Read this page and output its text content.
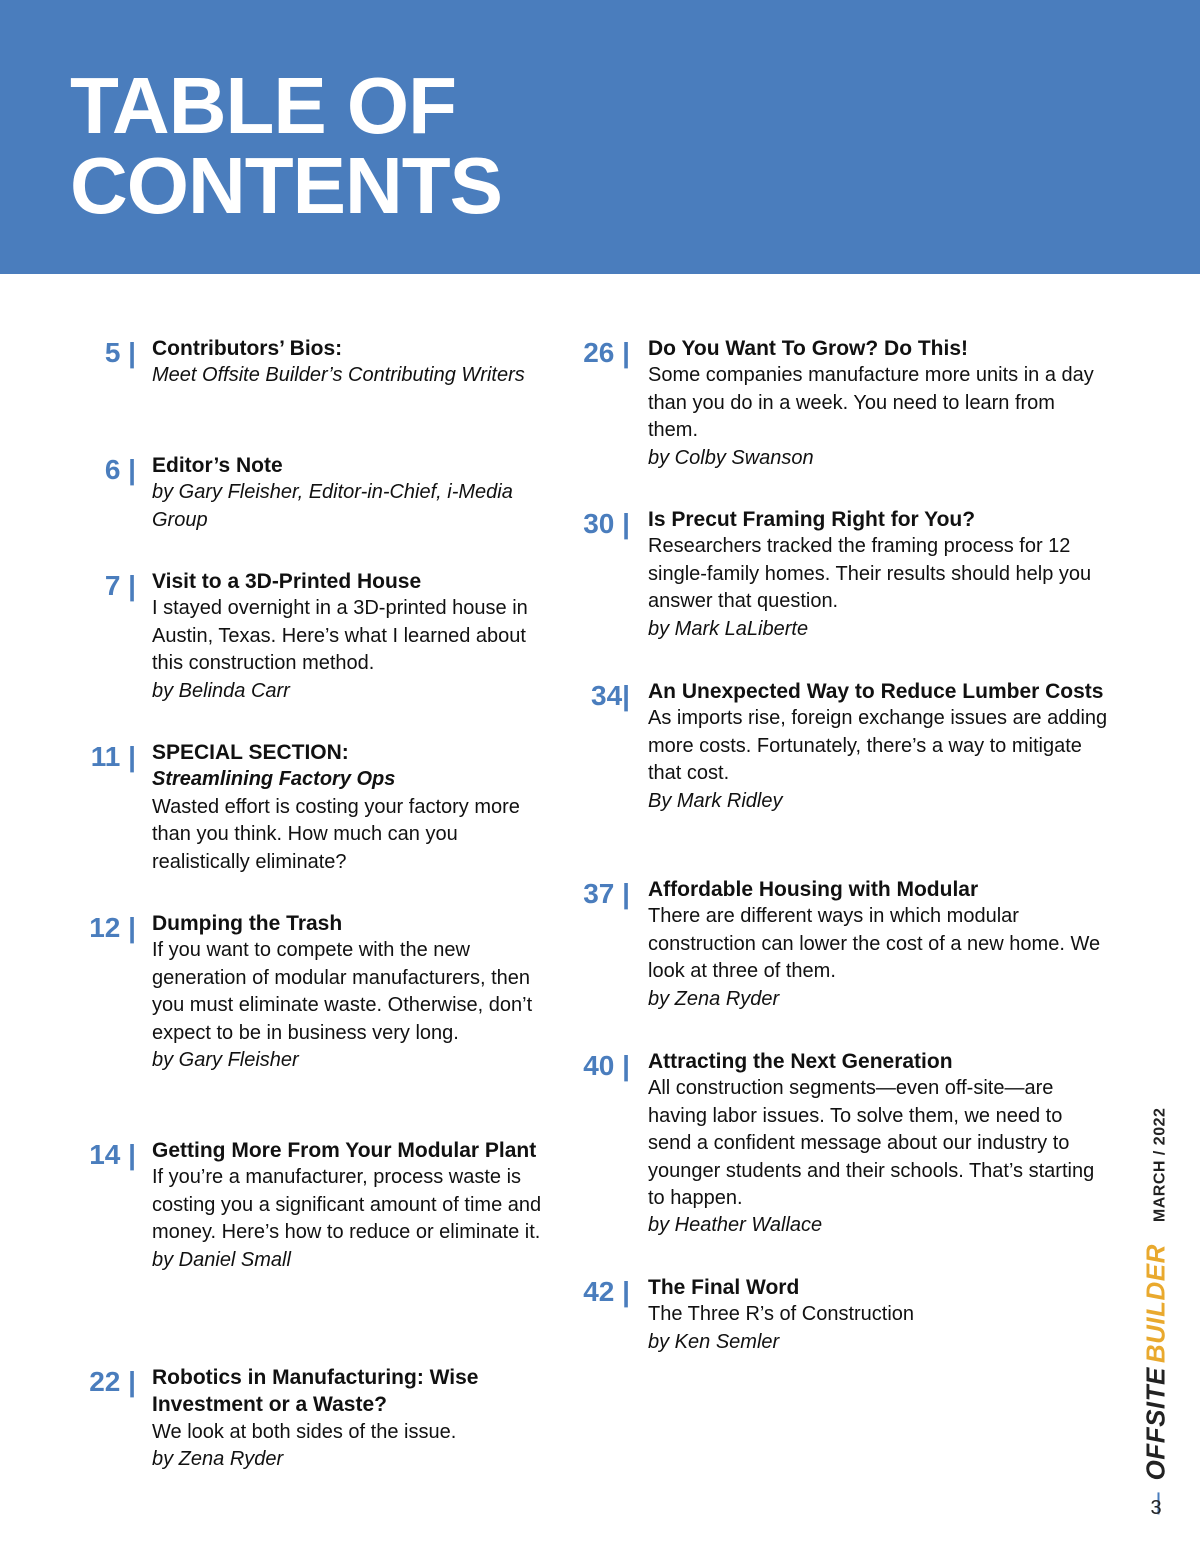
TABLE OF
CONTENTS
5 | Contributors’ Bios:
Meet Offsite Builder’s Contributing Writers
6 | Editor’s Note
by Gary Fleisher, Editor-in-Chief, i-Media Group
7 | Visit to a 3D-Printed House
I stayed overnight in a 3D-printed house in Austin, Texas. Here’s what I learned about this construction method.
by Belinda Carr
11 | SPECIAL SECTION:
Streamlining Factory Ops
Wasted effort is costing your factory more than you think. How much can you realistically eliminate?
12 | Dumping the Trash
If you want to compete with the new generation of modular manufacturers, then you must eliminate waste. Otherwise, don’t expect to be in business very long.
by Gary Fleisher
14 | Getting More From Your Modular Plant
If you’re a manufacturer, process waste is costing you a significant amount of time and money. Here’s how to reduce or eliminate it.
by Daniel Small
22 | Robotics in Manufacturing: Wise Investment or a Waste?
We look at both sides of the issue.
by Zena Ryder
26 | Do You Want To Grow? Do This!
Some companies manufacture more units in a day than you do in a week. You need to learn from them.
by Colby Swanson
30 | Is Precut Framing Right for You?
Researchers tracked the framing process for 12 single-family homes. Their results should help you answer that question.
by Mark LaLiberte
34| An Unexpected Way to Reduce Lumber Costs
As imports rise, foreign exchange issues are adding more costs. Fortunately, there’s a way to mitigate that cost.
By Mark Ridley
37 | Affordable Housing with Modular
There are different ways in which modular construction can lower the cost of a new home. We look at three of them.
by Zena Ryder
40 | Attracting the Next Generation
All construction segments—even off-site—are having labor issues. To solve them, we need to send a confident message about our industry to younger students and their schools. That’s starting to happen.
by Heather Wallace
42 | The Final Word
The Three R’s of Construction
by Ken Semler
OFFSITEBUILDERMARCH / 2022
3
